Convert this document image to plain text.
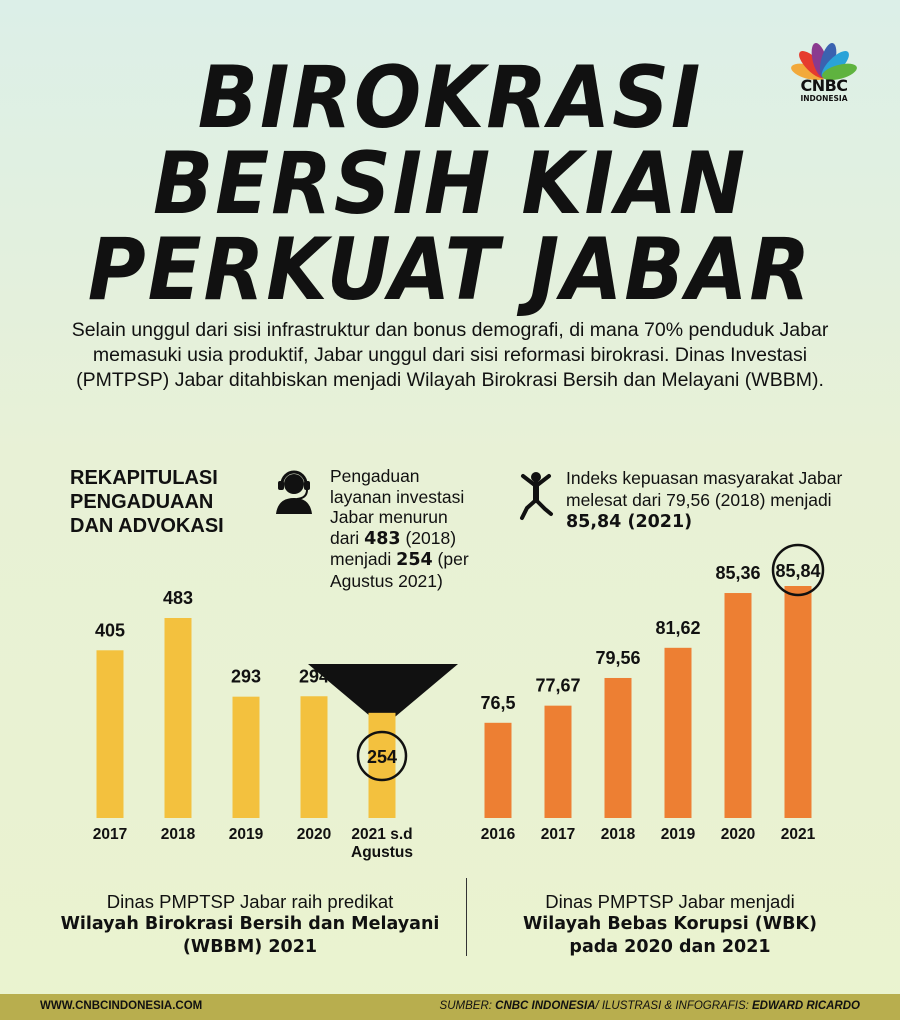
BIROKRASI
BERSIH KIAN
PERKUAT JABAR
CNBC
INDONESIA
Selain unggul dari sisi infrastruktur dan bonus demografi, di mana 70% penduduk Jabar memasuki usia produktif, Jabar unggul dari sisi reformasi birokrasi. Dinas Investasi (PMTPSP) Jabar ditahbiskan menjadi Wilayah Birokrasi Bersih dan Melayani (WBBM).
REKAPITULASI
PENGADUAAN
DAN ADVOKASI
Pengaduan layanan investasi Jabar menurun dari 483 (2018) menjadi 254 (per Agustus 2021)
Indeks kepuasan masyarakat Jabar melesat dari 79,56 (2018) menjadi 85,84 (2021)
405
2017
483
2018
293
2019
294
2020
254
2021 s.d Agustus
76,5
2016
77,67
2017
79,56
2018
81,62
2019
85,36
2020
85,84
2021
Dinas PMPTSP Jabar raih predikat
Wilayah Birokrasi Bersih dan Melayani (WBBM) 2021
Dinas PMPTSP Jabar menjadi
Wilayah Bebas Korupsi (WBK) pada 2020 dan 2021
WWW.CNBCINDONESIA.COM	SUMBER: CNBC INDONESIA/ ILUSTRASI & INFOGRAFIS: EDWARD RICARDO
